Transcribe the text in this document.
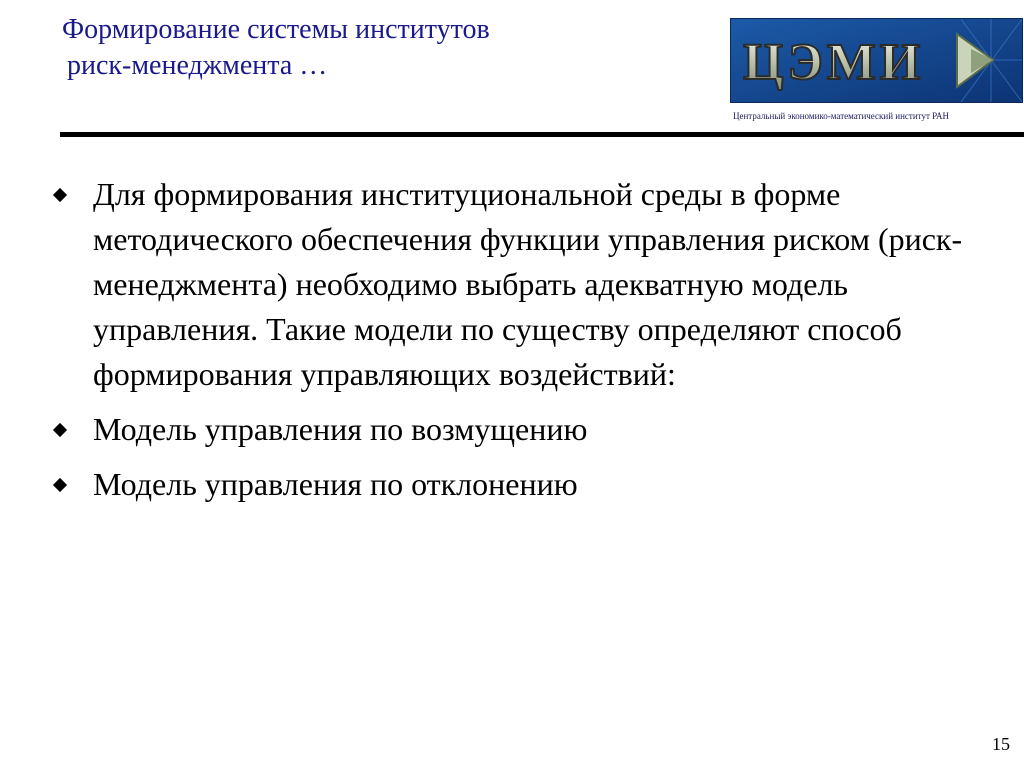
Формирование системы институтов
риск-менеджмента …	ЦЭМИ
Центральный экономико-математический институт РАН
Для формирования институциональной среды в форме методического обеспечения функции управления риском (риск-менеджмента) необходимо выбрать адекватную модель управления. Такие модели по существу определяют способ формирования управляющих воздействий:
Модель управления по возмущению
Модель управления по отклонению
15
